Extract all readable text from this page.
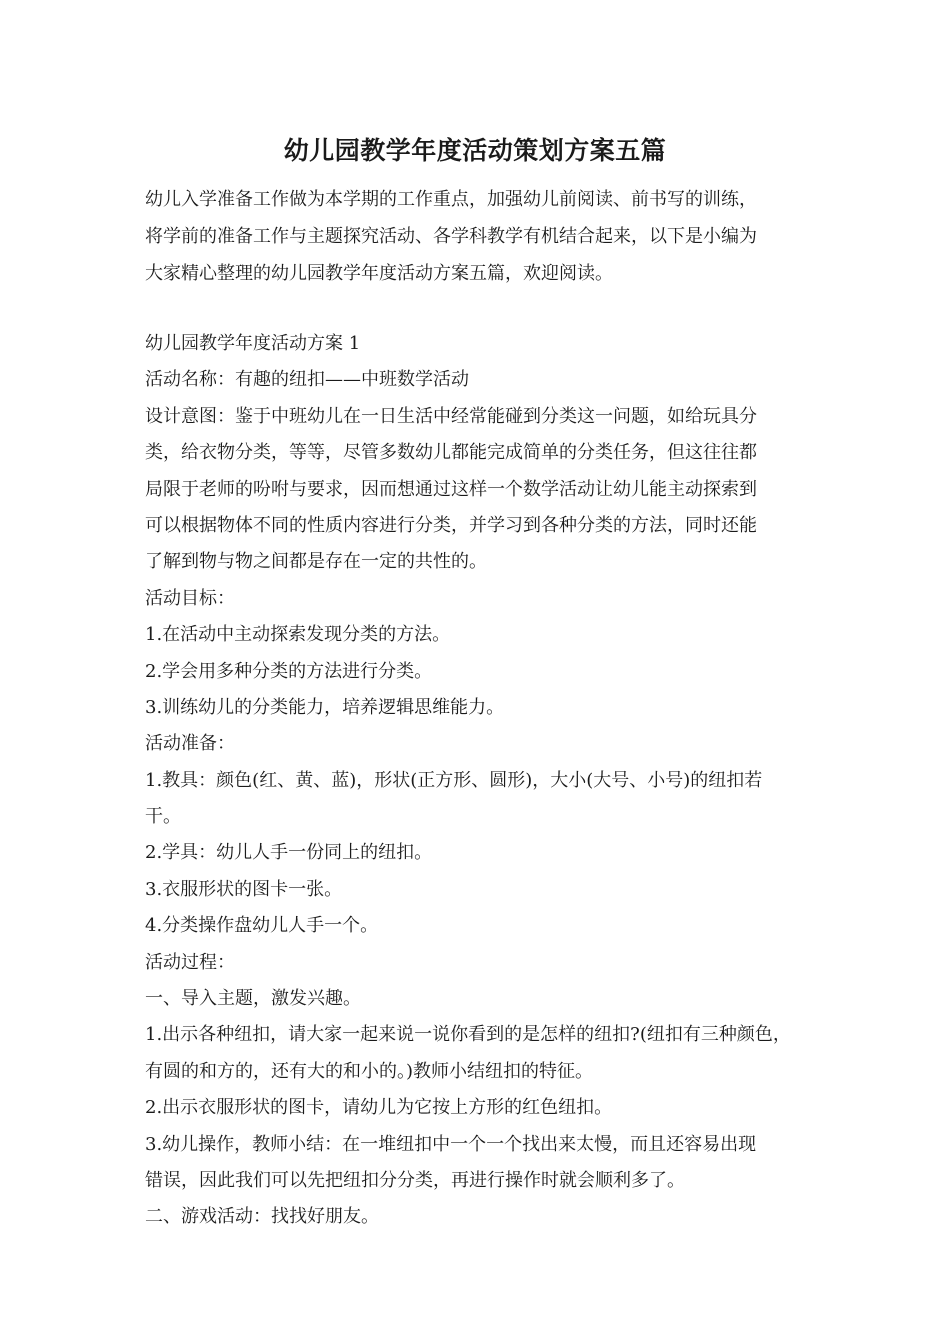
幼儿园教学年度活动策划方案五篇

幼儿入学准备工作做为本学期的工作重点，加强幼儿前阅读、前书写的训练，

将学前的准备工作与主题探究活动、各学科教学有机结合起来，以下是小编为

大家精心整理的幼儿园教学年度活动方案五篇，欢迎阅读。

幼儿园教学年度活动方案 1

活动名称：有趣的纽扣——中班数学活动

设计意图：鉴于中班幼儿在一日生活中经常能碰到分类这一问题，如给玩具分

类，给衣物分类，等等，尽管多数幼儿都能完成简单的分类任务，但这往往都

局限于老师的吩咐与要求，因而想通过这样一个数学活动让幼儿能主动探索到

可以根据物体不同的性质内容进行分类，并学习到各种分类的方法，同时还能

了解到物与物之间都是存在一定的共性的。

活动目标：

1.在活动中主动探索发现分类的方法。

2.学会用多种分类的方法进行分类。

3.训练幼儿的分类能力，培养逻辑思维能力。

活动准备：

1.教具：颜色(红、黄、蓝)，形状(正方形、圆形)，大小(大号、小号)的纽扣若

干。

2.学具：幼儿人手一份同上的纽扣。

3.衣服形状的图卡一张。

4.分类操作盘幼儿人手一个。

活动过程：

一、导入主题，激发兴趣。

1.出示各种纽扣，请大家一起来说一说你看到的是怎样的纽扣?(纽扣有三种颜色，

有圆的和方的，还有大的和小的。)教师小结纽扣的特征。

2.出示衣服形状的图卡，请幼儿为它按上方形的红色纽扣。

3.幼儿操作，教师小结：在一堆纽扣中一个一个找出来太慢，而且还容易出现

错误，因此我们可以先把纽扣分分类，再进行操作时就会顺利多了。

二、游戏活动：找找好朋友。
